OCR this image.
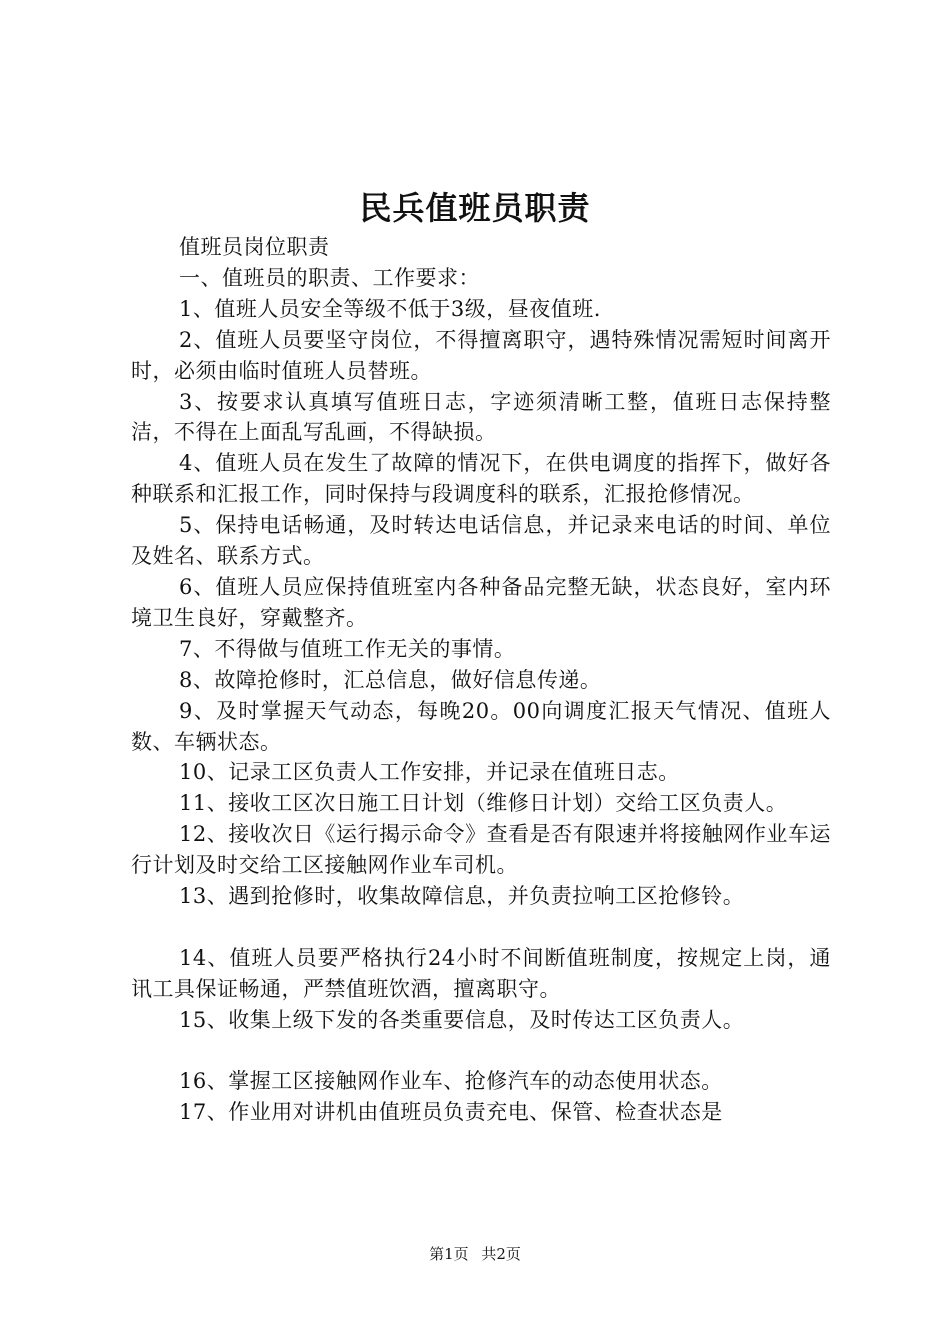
民兵值班员职责

值班员岗位职责

一、值班员的职责、工作要求：

1、值班人员安全等级不低于3级，昼夜值班.

2、值班人员要坚守岗位，不得擅离职守，遇特殊情况需短时间离开时，必须由临时值班人员替班。

3、按要求认真填写值班日志，字迹须清晰工整，值班日志保持整洁，不得在上面乱写乱画，不得缺损。

4、值班人员在发生了故障的情况下，在供电调度的指挥下，做好各种联系和汇报工作，同时保持与段调度科的联系，汇报抢修情况。

5、保持电话畅通，及时转达电话信息，并记录来电话的时间、单位及姓名、联系方式。

6、值班人员应保持值班室内各种备品完整无缺，状态良好，室内环境卫生良好，穿戴整齐。

7、不得做与值班工作无关的事情。

8、故障抢修时，汇总信息，做好信息传递。

9、及时掌握天气动态，每晚20。00向调度汇报天气情况、值班人数、车辆状态。

10、记录工区负责人工作安排，并记录在值班日志。

11、接收工区次日施工日计划（维修日计划）交给工区负责人。

12、接收次日《运行揭示命令》查看是否有限速并将接触网作业车运行计划及时交给工区接触网作业车司机。

13、遇到抢修时，收集故障信息，并负责拉响工区抢修铃。

14、值班人员要严格执行24小时不间断值班制度，按规定上岗，通讯工具保证畅通，严禁值班饮酒，擅离职守。

15、收集上级下发的各类重要信息，及时传达工区负责人。

16、掌握工区接触网作业车、抢修汽车的动态使用状态。

17、作业用对讲机由值班员负责充电、保管、检查状态是

第1页 共2页
